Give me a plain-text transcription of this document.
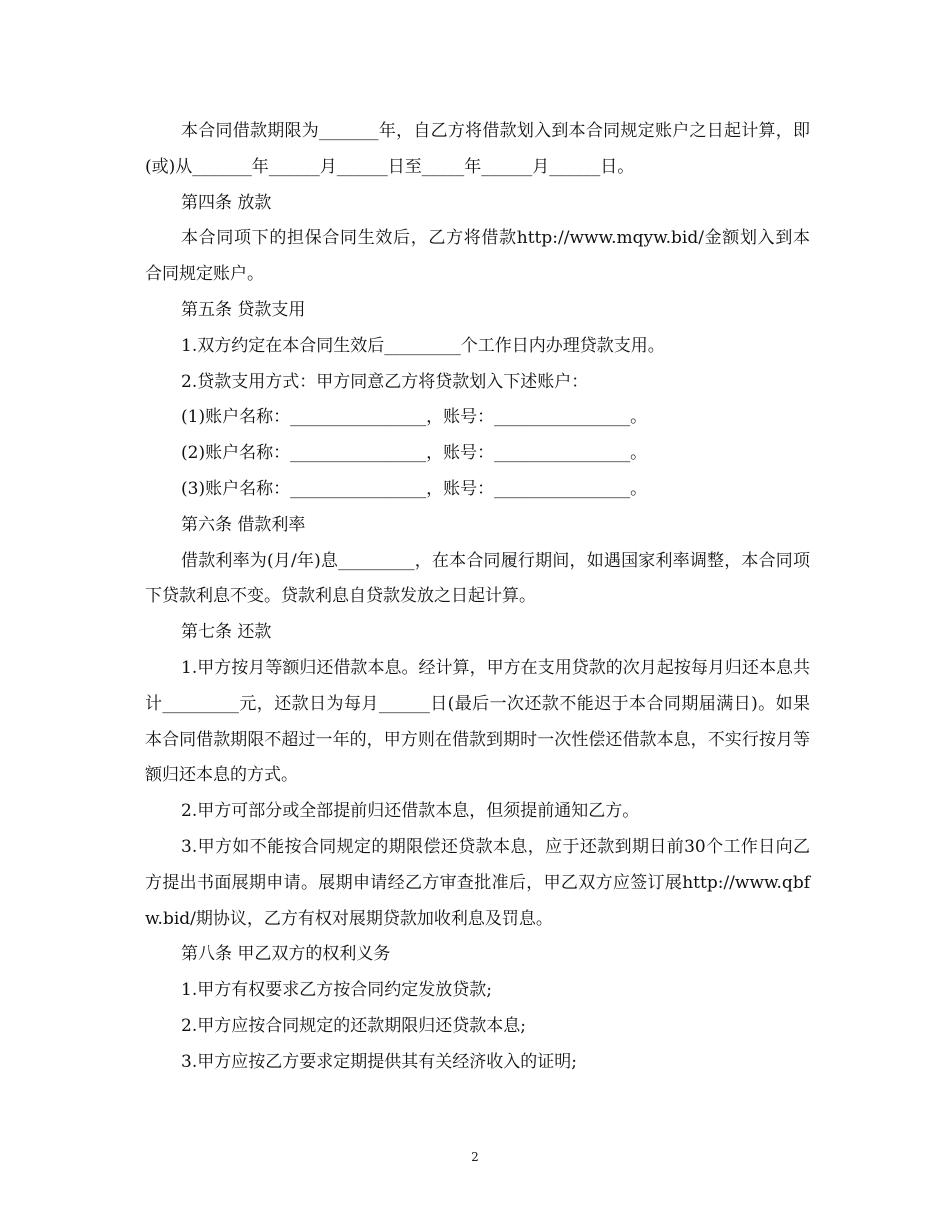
本合同借款期限为_______年，自乙方将借款划入到本合同规定账户之日起计算，即(或)从_______年______月______日至_____年______月______日。

第四条 放款

本合同项下的担保合同生效后，乙方将借款http://www.mqyw.bid/金额划入到本合同规定账户。

第五条 贷款支用

1.双方约定在本合同生效后_________个工作日内办理贷款支用。

2.贷款支用方式：甲方同意乙方将贷款划入下述账户：

(1)账户名称：________________，账号：________________。

(2)账户名称：________________，账号：________________。

(3)账户名称：________________，账号：________________。

第六条 借款利率

借款利率为(月/年)息_________，在本合同履行期间，如遇国家利率调整，本合同项下贷款利息不变。贷款利息自贷款发放之日起计算。

第七条 还款

1.甲方按月等额归还借款本息。经计算，甲方在支用贷款的次月起按每月归还本息共计_________元，还款日为每月______日(最后一次还款不能迟于本合同期届满日)。如果本合同借款期限不超过一年的，甲方则在借款到期时一次性偿还借款本息，不实行按月等额归还本息的方式。

2.甲方可部分或全部提前归还借款本息，但须提前通知乙方。

3.甲方如不能按合同规定的期限偿还贷款本息，应于还款到期日前30个工作日向乙方提出书面展期申请。展期申请经乙方审查批准后，甲乙双方应签订展http://www.qbfw.bid/期协议，乙方有权对展期贷款加收利息及罚息。

第八条 甲乙双方的权利义务

1.甲方有权要求乙方按合同约定发放贷款;

2.甲方应按合同规定的还款期限归还贷款本息;

3.甲方应按乙方要求定期提供其有关经济收入的证明;

2
